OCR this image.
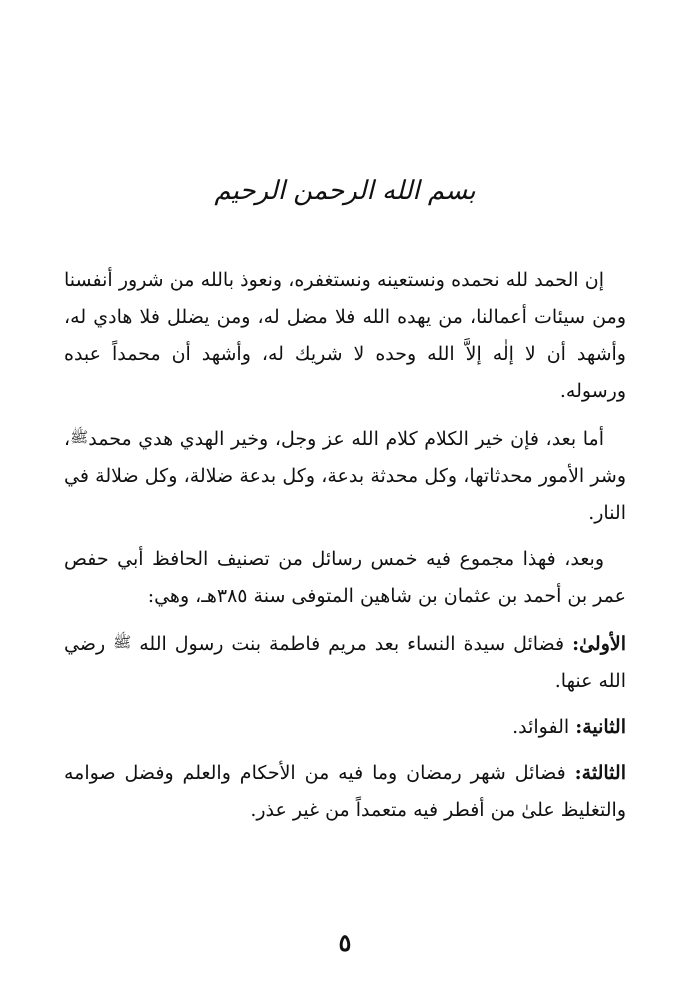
بسم الله الرحمن الرحيم

إن الحمد لله نحمده ونستعينه ونستغفره، ونعوذ بالله من شرور أنفسنا ومن سيئات أعمالنا، من يهده الله فلا مضل له، ومن يضلل فلا هادي له، وأشهد أن لا إلٰه إلاَّ الله وحده لا شريك له، وأشهد أن محمداً عبده ورسوله.

أما بعد، فإن خير الكلام كلام الله عز وجل، وخير الهدي هدي محمدﷺ، وشر الأمور محدثاتها، وكل محدثة بدعة، وكل بدعة ضلالة، وكل ضلالة في النار.

وبعد، فهذا مجموع فيه خمس رسائل من تصنيف الحافظ أبي حفص عمر بن أحمد بن عثمان بن شاهين المتوفى سنة ٣٨٥هـ، وهي:

الأولىٰ: فضائل سيدة النساء بعد مريم فاطمة بنت رسول الله ﷺ رضي الله عنها.

الثانية: الفوائد.

الثالثة: فضائل شهر رمضان وما فيه من الأحكام والعلم وفضل صوامه والتغليظ علىٰ من أفطر فيه متعمداً من غير عذر.

٥
